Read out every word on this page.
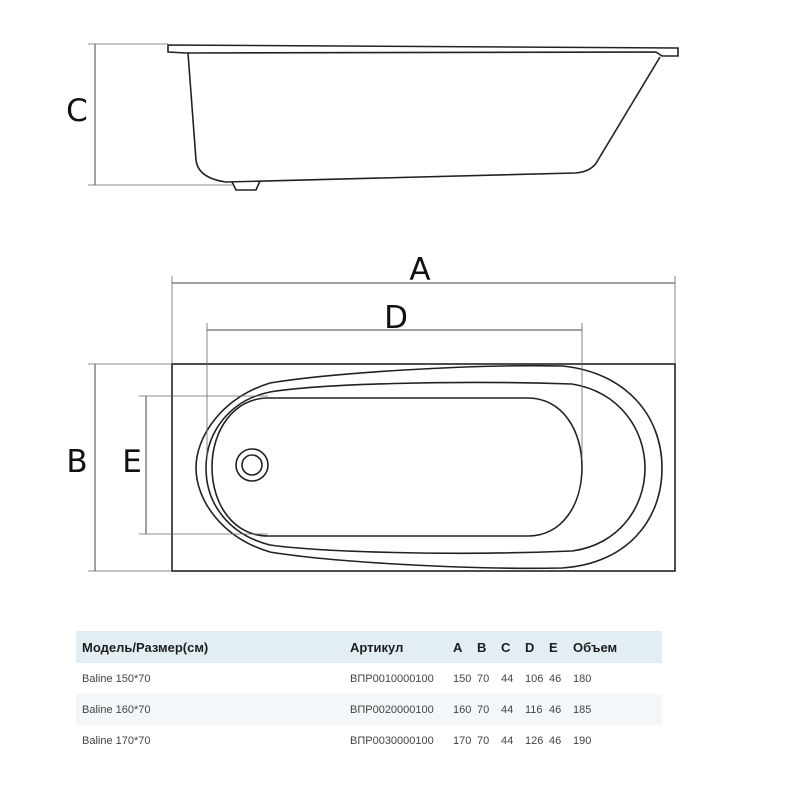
C
A
D
B E
Модель/Размер(см)	Артикул	A	B	C	D	E	Объем
Baline 150*70	ВПР0010000100	150	70	44	106	46	180
Baline 160*70	ВПР0020000100	160	70	44	116	46	185
Baline 170*70	ВПР0030000100	170	70	44	126	46	190
